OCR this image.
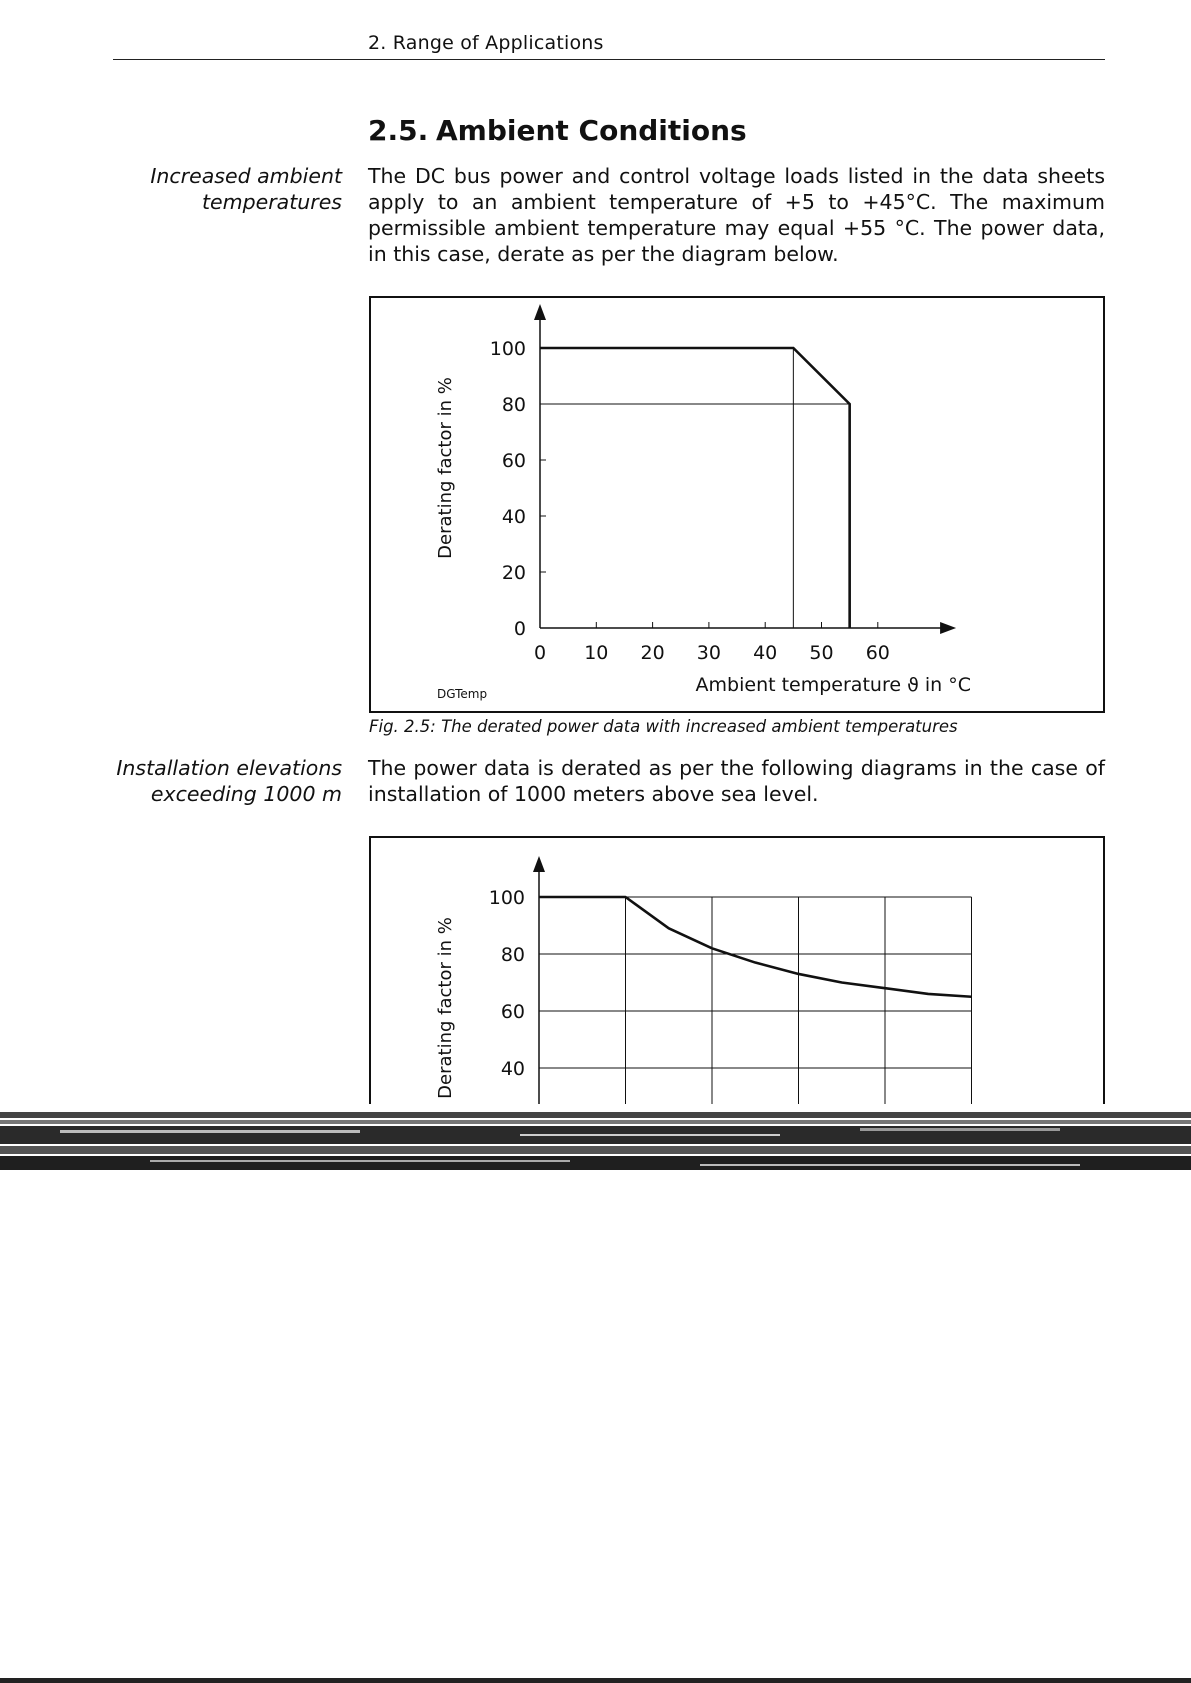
2. Range of Applications
2.5. Ambient Conditions
Increased ambient
temperatures

The DC bus power and control voltage loads listed in the data sheets apply to an ambient temperature of +5 to +45°C. The maximum permissible ambient temperature may equal +55 °C. The power data, in this case, derate as per the diagram below.

0 10 20 30 40 50 60
0
20
40
60
80
100
Derating factor in %
Ambient temperature ϑ in °C
DGTemp
Fig. 2.5: The derated power data with increased ambient temperatures
Installation elevations
exceeding 1000 m

The power data is derated as per the following diagrams in the case of installation of 1000 meters above sea level.

100
80
60
40
Derating factor in %
